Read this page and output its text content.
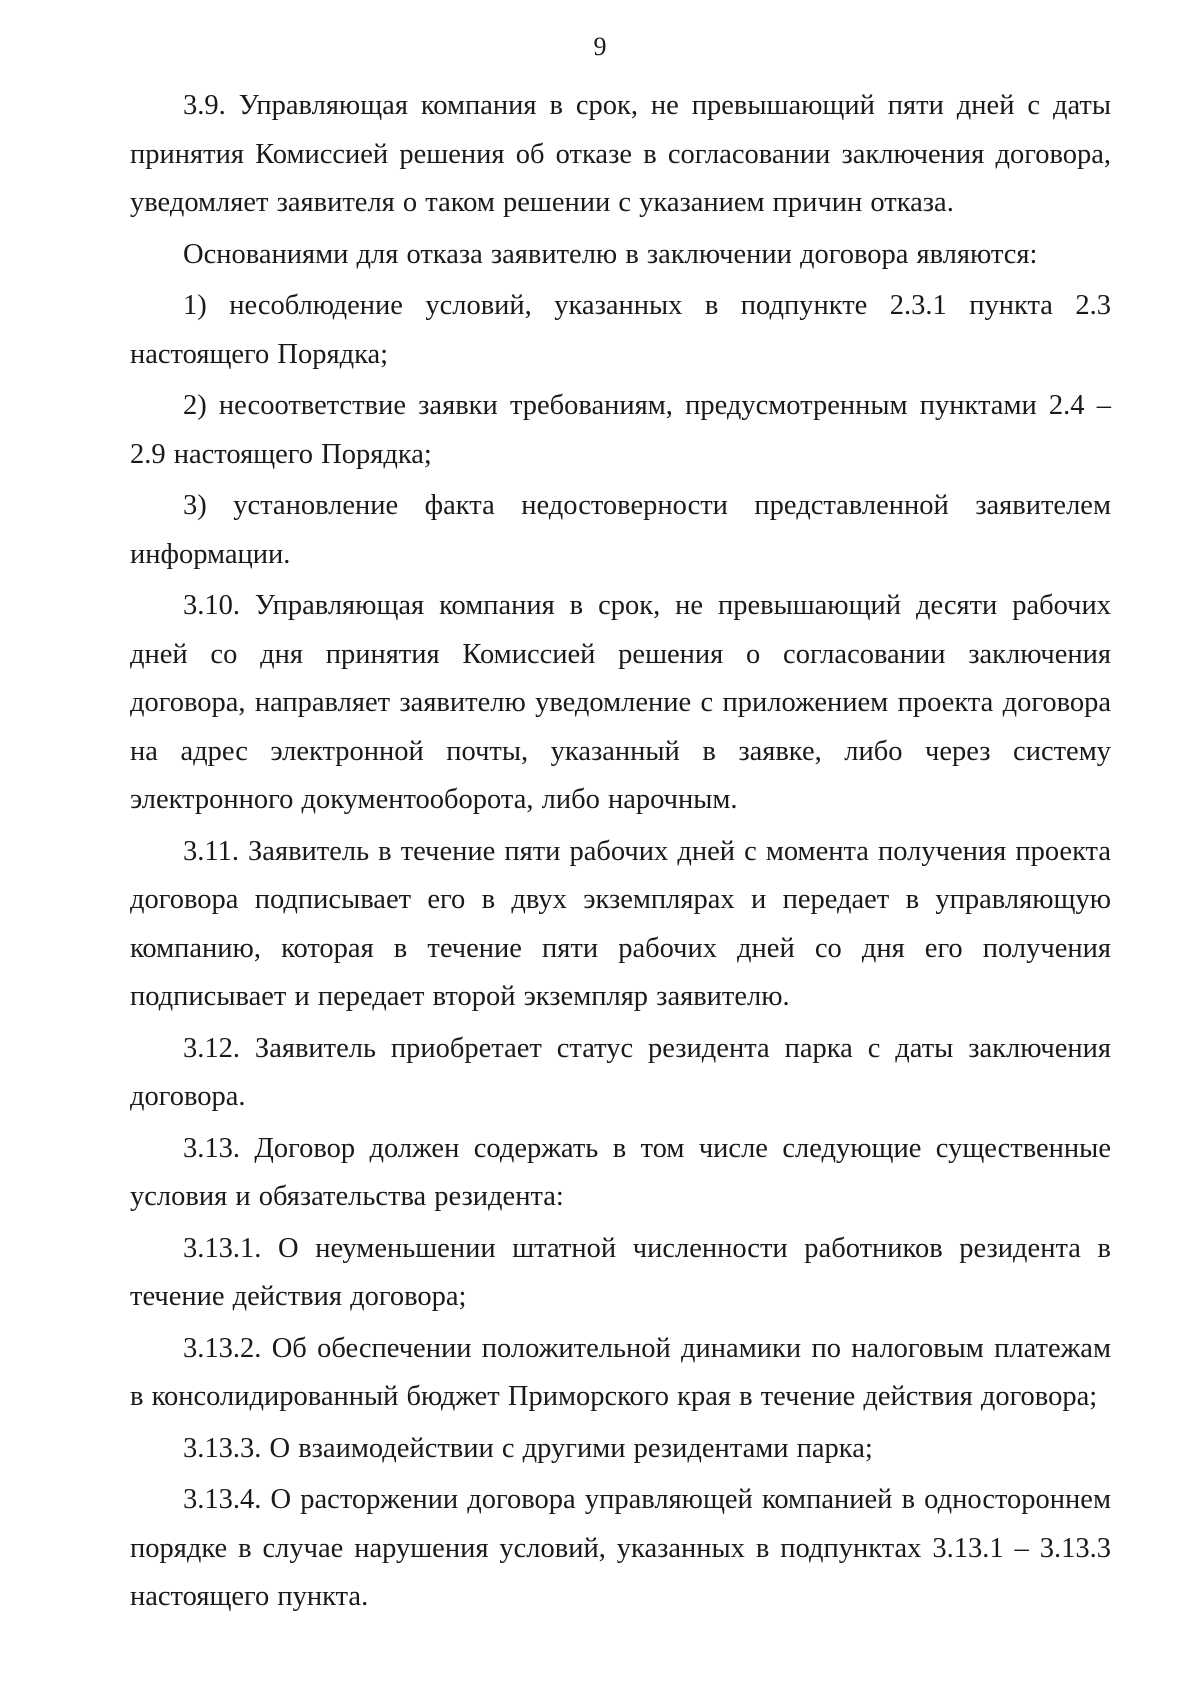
9

3.9. Управляющая компания в срок, не превышающий пяти дней с даты принятия Комиссией решения об отказе в согласовании заключения договора, уведомляет заявителя о таком решении с указанием причин отказа.

Основаниями для отказа заявителю в заключении договора являются:

1) несоблюдение условий, указанных в подпункте 2.3.1 пункта 2.3 настоящего Порядка;

2) несоответствие заявки требованиям, предусмотренным пунктами 2.4 – 2.9 настоящего Порядка;

3) установление факта недостоверности представленной заявителем информации.

3.10. Управляющая компания в срок, не превышающий десяти рабочих дней со дня принятия Комиссией решения о согласовании заключения договора, направляет заявителю уведомление с приложением проекта договора на адрес электронной почты, указанный в заявке, либо через систему электронного документооборота, либо нарочным.

3.11. Заявитель в течение пяти рабочих дней с момента получения проекта договора подписывает его в двух экземплярах и передает в управляющую компанию, которая в течение пяти рабочих дней со дня его получения подписывает и передает второй экземпляр заявителю.

3.12. Заявитель приобретает статус резидента парка с даты заключения договора.

3.13. Договор должен содержать в том числе следующие существенные условия и обязательства резидента:

3.13.1. О неуменьшении штатной численности работников резидента в течение действия договора;

3.13.2. Об обеспечении положительной динамики по налоговым платежам в консолидированный бюджет Приморского края в течение действия договора;

3.13.3. О взаимодействии с другими резидентами парка;

3.13.4. О расторжении договора управляющей компанией в одностороннем порядке в случае нарушения условий, указанных в подпунктах 3.13.1 – 3.13.3 настоящего пункта.
